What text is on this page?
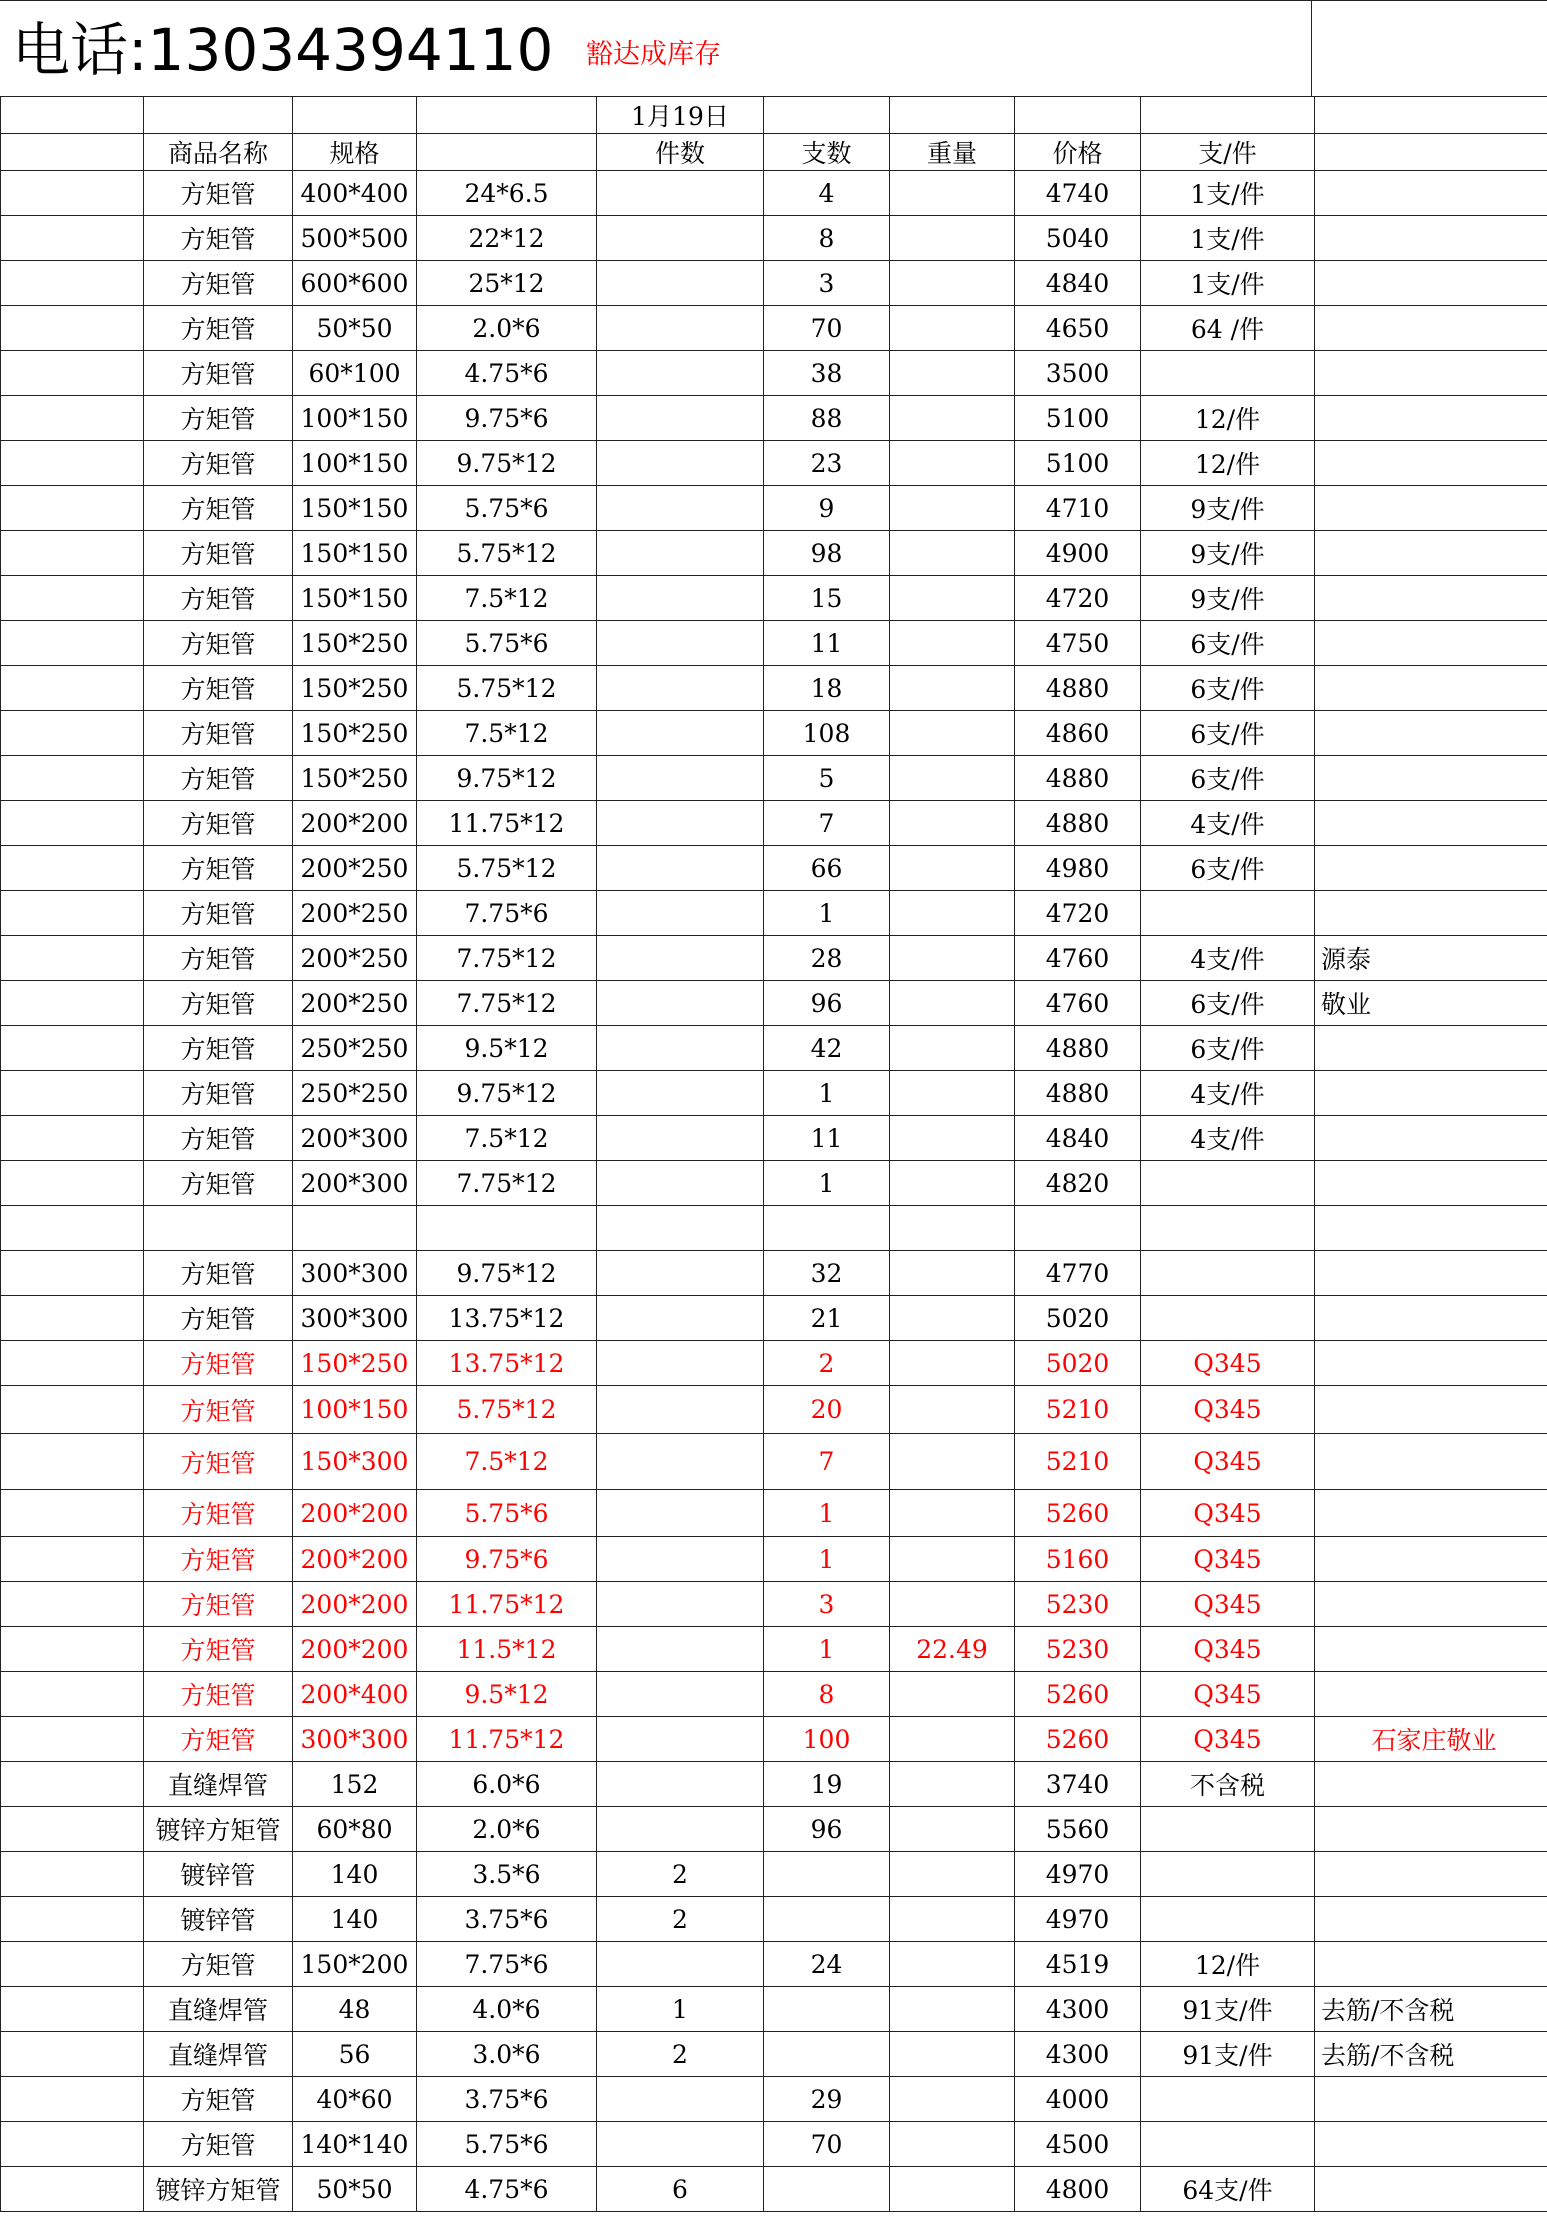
电话:13034394110 豁达成库存
				1月19日					
	商品名称	规格		件数	支数	重量	价格	支/件	
	方矩管	400*400	24*6.5		4		4740	1支/件	
	方矩管	500*500	22*12		8		5040	1支/件	
	方矩管	600*600	25*12		3		4840	1支/件	
	方矩管	50*50	2.0*6		70		4650	64 /件	
	方矩管	60*100	4.75*6		38		3500		
	方矩管	100*150	9.75*6		88		5100	12/件	
	方矩管	100*150	9.75*12		23		5100	12/件	
	方矩管	150*150	5.75*6		9		4710	9支/件	
	方矩管	150*150	5.75*12		98		4900	9支/件	
	方矩管	150*150	7.5*12		15		4720	9支/件	
	方矩管	150*250	5.75*6		11		4750	6支/件	
	方矩管	150*250	5.75*12		18		4880	6支/件	
	方矩管	150*250	7.5*12		108		4860	6支/件	
	方矩管	150*250	9.75*12		5		4880	6支/件	
	方矩管	200*200	11.75*12		7		4880	4支/件	
	方矩管	200*250	5.75*12		66		4980	6支/件	
	方矩管	200*250	7.75*6		1		4720		
	方矩管	200*250	7.75*12		28		4760	4支/件	源泰
	方矩管	200*250	7.75*12		96		4760	6支/件	敬业
	方矩管	250*250	9.5*12		42		4880	6支/件	
	方矩管	250*250	9.75*12		1		4880	4支/件	
	方矩管	200*300	7.5*12		11		4840	4支/件	
	方矩管	200*300	7.75*12		1		4820		

	方矩管	300*300	9.75*12		32		4770		
	方矩管	300*300	13.75*12		21		5020		
	方矩管	150*250	13.75*12		2		5020	Q345	
	方矩管	100*150	5.75*12		20		5210	Q345	
	方矩管	150*300	7.5*12		7		5210	Q345	
	方矩管	200*200	5.75*6		1		5260	Q345	
	方矩管	200*200	9.75*6		1		5160	Q345	
	方矩管	200*200	11.75*12		3		5230	Q345	
	方矩管	200*200	11.5*12		1	22.49	5230	Q345	
	方矩管	200*400	9.5*12		8		5260	Q345	
	方矩管	300*300	11.75*12		100		5260	Q345	石家庄敬业
	直缝焊管	152	6.0*6		19		3740	不含税	
	镀锌方矩管	60*80	2.0*6		96		5560		
	镀锌管	140	3.5*6	2			4970		
	镀锌管	140	3.75*6	2			4970		
	方矩管	150*200	7.75*6		24		4519	12/件	
	直缝焊管	48	4.0*6	1			4300	91支/件	去筋/不含税
	直缝焊管	56	3.0*6	2			4300	91支/件	去筋/不含税
	方矩管	40*60	3.75*6		29		4000		
	方矩管	140*140	5.75*6		70		4500		
	镀锌方矩管	50*50	4.75*6	6			4800	64支/件	
